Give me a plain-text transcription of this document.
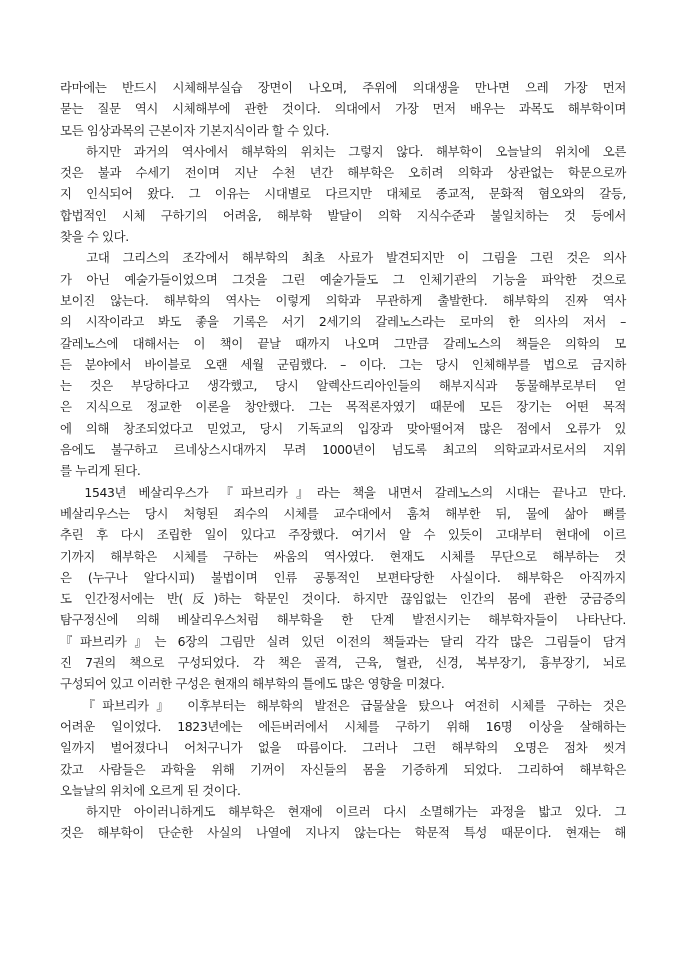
라마에는 반드시 시체해부실습 장면이 나오며, 주위에 의대생을 만나면 으레 가장 먼저
묻는 질문 역시 시체해부에 관한 것이다. 의대에서 가장 먼저 배우는 과목도 해부학이며
모든 임상과목의 근본이자 기본지식이라 할 수 있다.
하지만 과거의 역사에서 해부학의 위치는 그렇지 않다. 해부학이 오늘날의 위치에 오른
것은 불과 수세기 전이며 지난 수천 년간 해부학은 오히려 의학과 상관없는 학문으로까
지 인식되어 왔다. 그 이유는 시대별로 다르지만 대체로 종교적, 문화적 혐오와의 갈등,
합법적인 시체 구하기의 어려움, 해부학 발달이 의학 지식수준과 불일치하는 것 등에서
찾을 수 있다.
고대 그리스의 조각에서 해부학의 최초 사료가 발견되지만 이 그림을 그린 것은 의사
가 아닌 예술가들이었으며 그것을 그린 예술가들도 그 인체기관의 기능을 파악한 것으로
보이진 않는다. 해부학의 역사는 이렇게 의학과 무관하게 출발한다. 해부학의 진짜 역사
의 시작이라고 봐도 좋을 기록은 서기 2세기의 갈레노스라는 로마의 한 의사의 저서 –
갈레노스에 대해서는 이 책이 끝날 때까지 나오며 그만큼 갈레노스의 책들은 의학의 모
든 분야에서 바이블로 오랜 세월 군림했다. – 이다. 그는 당시 인체해부를 법으로 금지하
는 것은 부당하다고 생각했고, 당시 알렉산드리아인들의 해부지식과 동물해부로부터 얻
은 지식으로 정교한 이론을 창안했다. 그는 목적론자였기 때문에 모든 장기는 어떤 목적
에 의해 창조되었다고 믿었고, 당시 기독교의 입장과 맞아떨어져 많은 점에서 오류가 있
음에도 불구하고 르네상스시대까지 무려 1000년이 넘도록 최고의 의학교과서로서의 지위
를 누리게 된다.
1543년 베살리우스가 『파브리카』라는 책을 내면서 갈레노스의 시대는 끝나고 만다.
베살리우스는 당시 처형된 죄수의 시체를 교수대에서 훔쳐 해부한 뒤, 물에 삶아 뼈를
추린 후 다시 조립한 일이 있다고 주장했다. 여기서 알 수 있듯이 고대부터 현대에 이르
기까지 해부학은 시체를 구하는 싸움의 역사였다. 현재도 시체를 무단으로 해부하는 것
은 (누구나 알다시피) 불법이며 인류 공통적인 보편타당한 사실이다. 해부학은 아직까지
도 인간정서에는 반(反)하는 학문인 것이다. 하지만 끊임없는 인간의 몸에 관한 궁금증의
탐구정신에 의해 베살리우스처럼 해부학을 한 단계 발전시키는 해부학자들이 나타난다.
『파브리카』는 6장의 그림만 실려 있던 이전의 책들과는 달리 각각 많은 그림들이 담겨
진 7권의 책으로 구성되었다. 각 책은 골격, 근육, 혈관, 신경, 복부장기, 흉부장기, 뇌로
구성되어 있고 이러한 구성은 현재의 해부학의 틀에도 많은 영향을 미쳤다.
『파브리카』 이후부터는 해부학의 발전은 급물살을 탔으나 여전히 시체를 구하는 것은
어려운 일이었다. 1823년에는 에든버러에서 시체를 구하기 위해 16명 이상을 살해하는
일까지 벌어졌다니 어처구니가 없을 따름이다. 그러나 그런 해부학의 오명은 점차 씻겨
갔고 사람들은 과학을 위해 기꺼이 자신들의 몸을 기증하게 되었다. 그리하여 해부학은
오늘날의 위치에 오르게 된 것이다.
하지만 아이러니하게도 해부학은 현재에 이르러 다시 소멸해가는 과정을 밟고 있다. 그
것은 해부학이 단순한 사실의 나열에 지나지 않는다는 학문적 특성 때문이다. 현재는 해
